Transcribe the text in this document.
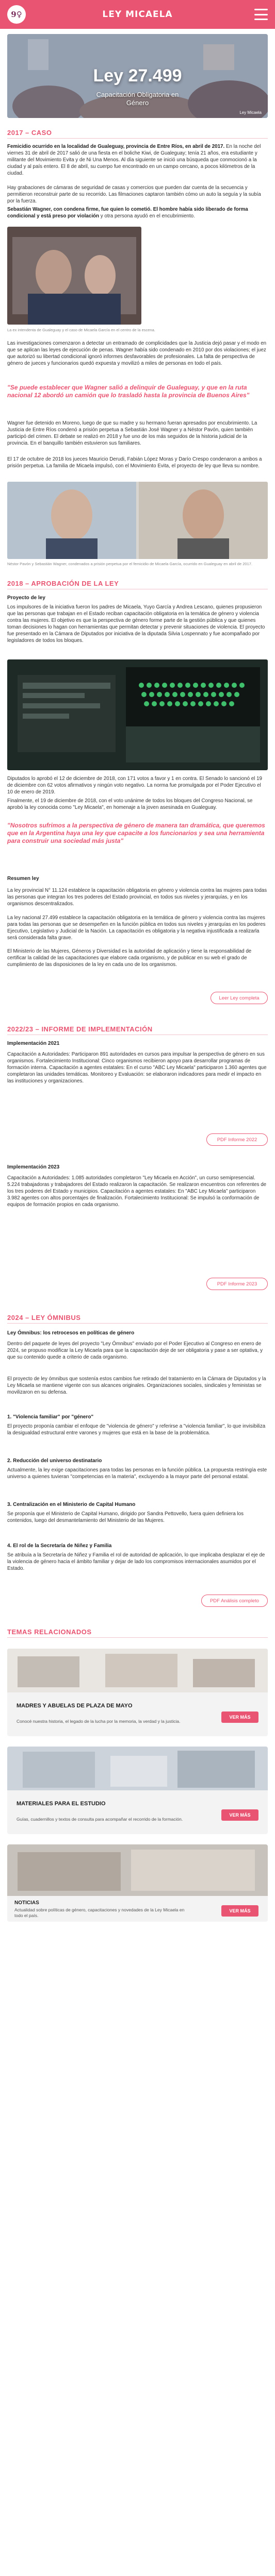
9♀	LEY MICAELA
Ley 27.499
Capacitación Obligatoria en
Género
Ley Micaela
2017 – CASO
Femicidio ocurrido en la localidad de Gualeguay, provincia de Entre Ríos, en abril de 2017. En la noche del viernes 31 de abril de 2017 salió de una fiesta en el boliche Kiwi, de Gualeguay; tenía 21 años, era estudiante y militante del Movimiento Evita y de Ni Una Menos. Al día siguiente se inició una búsqueda que conmocionó a la ciudad y al país entero. El 8 de abril, su cuerpo fue encontrado en un campo cercano, a pocos kilómetros de la ciudad.
Hay grabaciones de cámaras de seguridad de casas y comercios que pueden dar cuenta de la secuencia y permitieron reconstruir parte de su recorrido. Las filmaciones captaron también cómo un auto la seguía y la subía por la fuerza.
Sebastián Wagner, con condena firme, fue quien lo cometió. El hombre había sido liberado de forma condicional y está preso por violación y otra persona ayudó en el encubrimiento.
La ex intendenta de Gualeguay y el caso de Micaela García en el centro de la escena.
Las investigaciones comenzaron a detectar un entramado de complicidades que la Justicia dejó pasar y el modo en que se aplican las leyes de ejecución de penas. Wagner había sido condenado en 2010 por dos violaciones; el juez que autorizó su libertad condicional ignoró informes desfavorables de profesionales. La falta de perspectiva de género de jueces y funcionarios quedó expuesta y movilizó a miles de personas en todo el país.
"Se puede establecer que Wagner salió a delinquir de Gualeguay, y que en la ruta nacional 12 abordó un camión que lo trasladó hasta la provincia de Buenos Aires"
Wagner fue detenido en Moreno, luego de que su madre y su hermano fueran apresados por encubrimiento. La Justicia de Entre Ríos condenó a prisión perpetua a Sebastián José Wagner y a Néstor Pavón, quien también participó del crimen. El debate se realizó en 2018 y fue uno de los más seguidos de la historia judicial de la provincia. En el banquillo también estuvieron sus familiares.
El 17 de octubre de 2018 los jueces Mauricio Derudi, Fabián López Moras y Darío Crespo condenaron a ambos a prisión perpetua. La familia de Micaela impulsó, con el Movimiento Evita, el proyecto de ley que lleva su nombre.
Néstor Pavón y Sebastián Wagner, condenados a prisión perpetua por el femicidio de Micaela García, ocurrido en Gualeguay en abril de 2017.
2018 – APROBACIÓN DE LA LEY
Proyecto de ley
Los impulsores de la iniciativa fueron los padres de Micaela, Yuyo García y Andrea Lescano, quienes propusieron que las personas que trabajan en el Estado reciban capacitación obligatoria en la temática de género y violencia contra las mujeres. El objetivo es que la perspectiva de género forme parte de la gestión pública y que quienes toman decisiones lo hagan con herramientas que permitan detectar y prevenir situaciones de violencia. El proyecto fue presentado en la Cámara de Diputados por iniciativa de la diputada Silvia Lospennato y fue acompañado por legisladores de todos los bloques.
Diputados lo aprobó el 12 de diciembre de 2018, con 171 votos a favor y 1 en contra. El Senado lo sancionó el 19 de diciembre con 62 votos afirmativos y ningún voto negativo. La norma fue promulgada por el Poder Ejecutivo el 10 de enero de 2019.
Finalmente, el 19 de diciembre de 2018, con el voto unánime de todos los bloques del Congreso Nacional, se aprobó la ley conocida como "Ley Micaela", en homenaje a la joven asesinada en Gualeguay.
"Nosotros sufrimos a la perspectiva de género de manera tan dramática, que queremos que en la Argentina haya una ley que capacite a los funcionarios y sea una herramienta para construir una sociedad más justa"
Resumen ley
La ley provincial N° 11.124 establece la capacitación obligatoria en género y violencia contra las mujeres para todas las personas que integran los tres poderes del Estado provincial, en todos sus niveles y jerarquías, y en los organismos descentralizados.
La ley nacional 27.499 establece la capacitación obligatoria en la temática de género y violencia contra las mujeres para todas las personas que se desempeñen en la función pública en todos sus niveles y jerarquías en los poderes Ejecutivo, Legislativo y Judicial de la Nación. La capacitación es obligatoria y la negativa injustificada a realizarla será considerada falta grave.
El Ministerio de las Mujeres, Géneros y Diversidad es la autoridad de aplicación y tiene la responsabilidad de certificar la calidad de las capacitaciones que elabore cada organismo, y de publicar en su web el grado de cumplimiento de las disposiciones de la ley en cada uno de los organismos.
Leer Ley completa
2022/23 – INFORME DE IMPLEMENTACIÓN
Implementación 2021
Capacitación a Autoridades: Participaron 891 autoridades en cursos para impulsar la perspectiva de género en sus organismos. Fortalecimiento Institucional: Cinco organismos recibieron apoyo para desarrollar programas de formación interna. Capacitación a agentes estatales: En el curso "ABC Ley Micaela" participaron 1.360 agentes que completaron las unidades temáticas. Monitoreo y Evaluación: se elaboraron indicadores para medir el impacto en las instituciones y organizaciones.
PDF Informe 2022
Implementación 2023
Capacitación a Autoridades: 1.085 autoridades completaron "Ley Micaela en Acción", un curso semipresencial. 5.224 trabajadoras y trabajadores del Estado realizaron la capacitación. Se realizaron encuentros con referentes de los tres poderes del Estado y municipios. Capacitación a agentes estatales: En "ABC Ley Micaela" participaron 3.982 agentes con altos porcentajes de finalización. Fortalecimiento Institucional: Se impulsó la conformación de equipos de formación propios en cada organismo.
PDF Informe 2023
2024 – LEY ÓMNIBUS
Ley Ómnibus: los retrocesos en políticas de género
Dentro del paquete de leyes del proyecto "Ley Ómnibus" enviado por el Poder Ejecutivo al Congreso en enero de 2024, se propuso modificar la Ley Micaela para que la capacitación deje de ser obligatoria y pase a ser optativa, y que su contenido quede a criterio de cada organismo.
El proyecto de ley ómnibus que sostenía estos cambios fue retirado del tratamiento en la Cámara de Diputados y la Ley Micaela se mantiene vigente con sus alcances originales. Organizaciones sociales, sindicales y feministas se movilizaron en su defensa.
1. "Violencia familiar" por "género"
El proyecto proponía cambiar el enfoque de "violencia de género" y referirse a "violencia familiar", lo que invisibiliza la desigualdad estructural entre varones y mujeres que está en la base de la problemática.
2. Reducción del universo destinatario
Actualmente, la ley exige capacitaciones para todas las personas en la función pública. La propuesta restringía este universo a quienes tuvieran "competencias en la materia", excluyendo a la mayor parte del personal estatal.
3. Centralización en el Ministerio de Capital Humano
Se proponía que el Ministerio de Capital Humano, dirigido por Sandra Pettovello, fuera quien definiera los contenidos, luego del desmantelamiento del Ministerio de las Mujeres.
4. El rol de la Secretaría de Niñez y Familia
Se atribuía a la Secretaría de Niñez y Familia el rol de autoridad de aplicación, lo que implicaba desplazar el eje de la violencia de género hacia el ámbito familiar y dejar de lado los compromisos internacionales asumidos por el Estado.
PDF Análisis completo
TEMAS RELACIONADOS
MADRES Y ABUELAS DE PLAZA DE MAYO
Conocé nuestra historia, el legado de la lucha por la memoria, la verdad y la justicia.
VER MÁS
MATERIALES PARA EL ESTUDIO
Guías, cuadernillos y textos de consulta para acompañar el recorrido de la formación.
VER MÁS
NOTICIAS
Actualidad sobre políticas de género, capacitaciones y novedades de la Ley Micaela en todo el país.
VER MÁS
